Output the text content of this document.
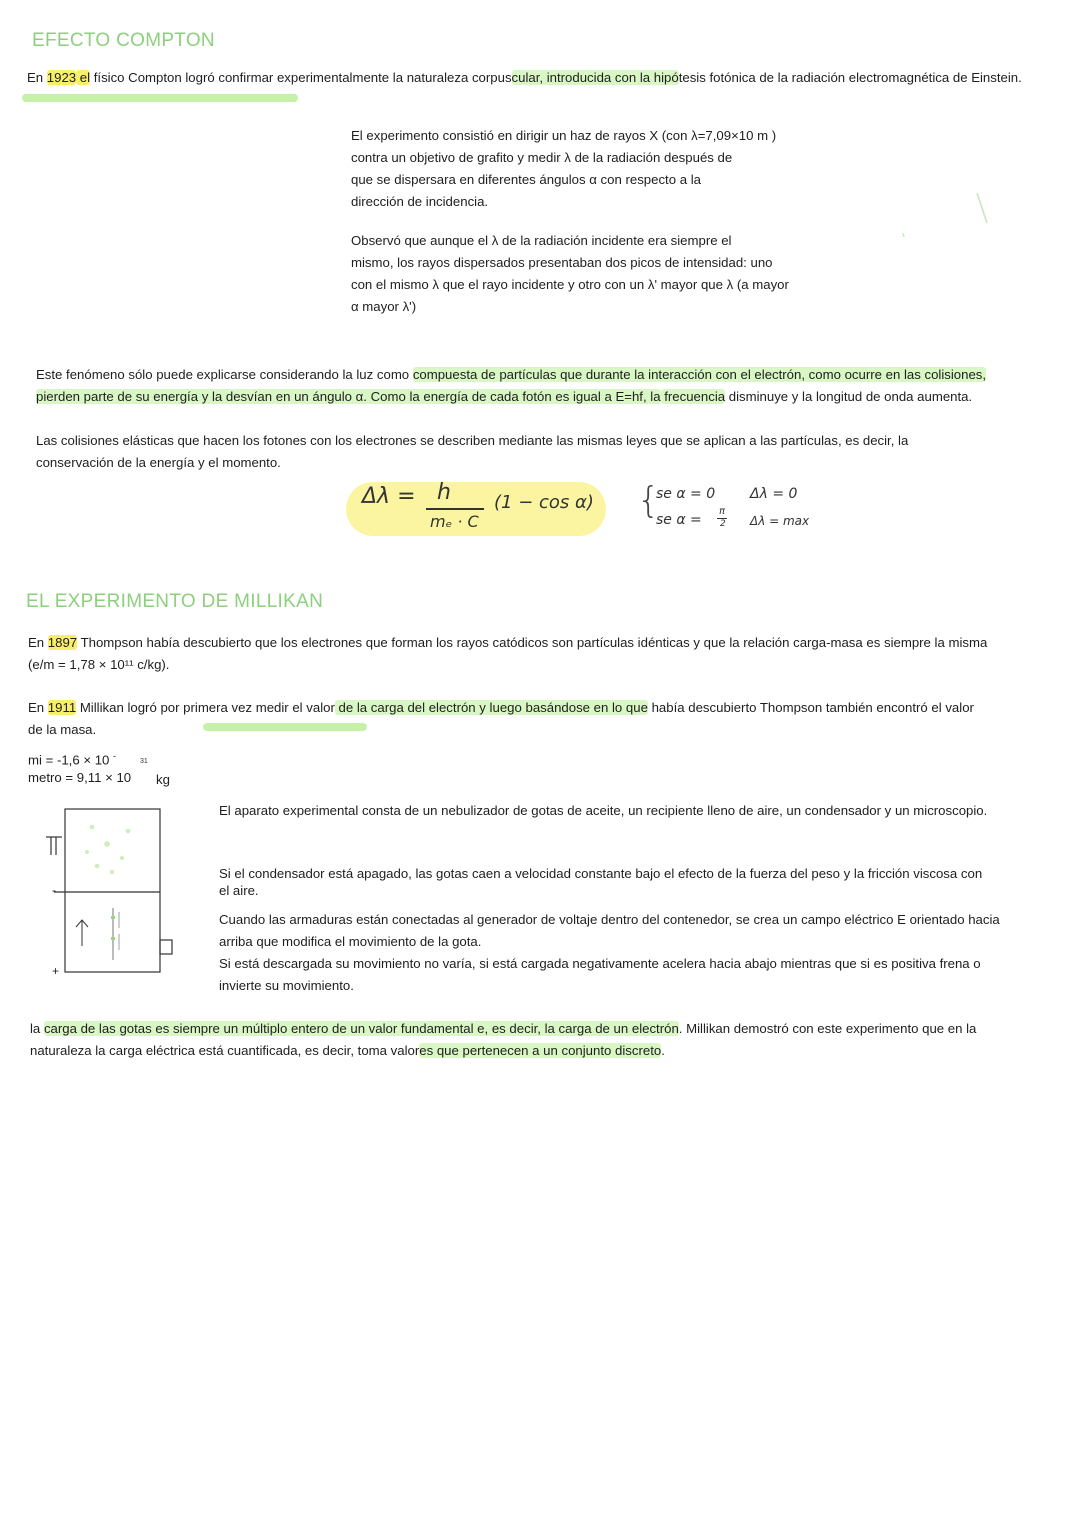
EFECTO COMPTON
En 1923 el físico Compton logró confirmar experimentalmente la naturaleza corpuscular, introducida con la hipótesis fotónica de la radiación electromagnética de Einstein.
El experimento consistió en dirigir un haz de rayos X (con λ=7,09×10 m )
contra un objetivo de grafito y medir λ de la radiación después de
que se dispersara en diferentes ángulos α con respecto a la
dirección de incidencia.
Observó que aunque el λ de la radiación incidente era siempre el
mismo, los rayos dispersados presentaban dos picos de intensidad: uno
con el mismo λ que el rayo incidente y otro con un λ' mayor que λ (a mayor
α mayor λ')
Este fenómeno sólo puede explicarse considerando la luz como compuesta de partículas que durante la interacción con el electrón, como ocurre en las colisiones,
pierden parte de su energía y la desvían en un ángulo α. Como la energía de cada fotón es igual a E=hf, la frecuencia disminuye y la longitud de onda aumenta.
Las colisiones elásticas que hacen los fotones con los electrones se describen mediante las mismas leyes que se aplican a las partículas, es decir, la
conservación de la energía y el momento.
Δλ = h
mₑ · C
(1 − cos α) {
se α = 0 Δλ = 0
se α =
π
2 Δλ = max
EL EXPERIMENTO DE MILLIKAN
En 1897 Thompson había descubierto que los electrones que forman los rayos catódicos son partículas idénticas y que la relación carga-masa es siempre la misma
(e/m = 1,78 × 10¹¹ c/kg).
En 1911 Millikan logró por primera vez medir el valor de la carga del electrón y luego basándose en lo que había descubierto Thompson también encontró el valor
de la masa.
mi = -1,6 × 10 -
metro = 9,11 × 10
31
kg
-
+
El aparato experimental consta de un nebulizador de gotas de aceite, un recipiente lleno de aire, un condensador y un microscopio.
Si el condensador está apagado, las gotas caen a velocidad constante bajo el efecto de la fuerza del peso y la fricción viscosa con
el aire.
Cuando las armaduras están conectadas al generador de voltaje dentro del contenedor, se crea un campo eléctrico E orientado hacia
arriba que modifica el movimiento de la gota.
Si está descargada su movimiento no varía, si está cargada negativamente acelera hacia abajo mientras que si es positiva frena o
invierte su movimiento.
la carga de las gotas es siempre un múltiplo entero de un valor fundamental e, es decir, la carga de un electrón. Millikan demostró con este experimento que en la
naturaleza la carga eléctrica está cuantificada, es decir, toma valores que pertenecen a un conjunto discreto.
